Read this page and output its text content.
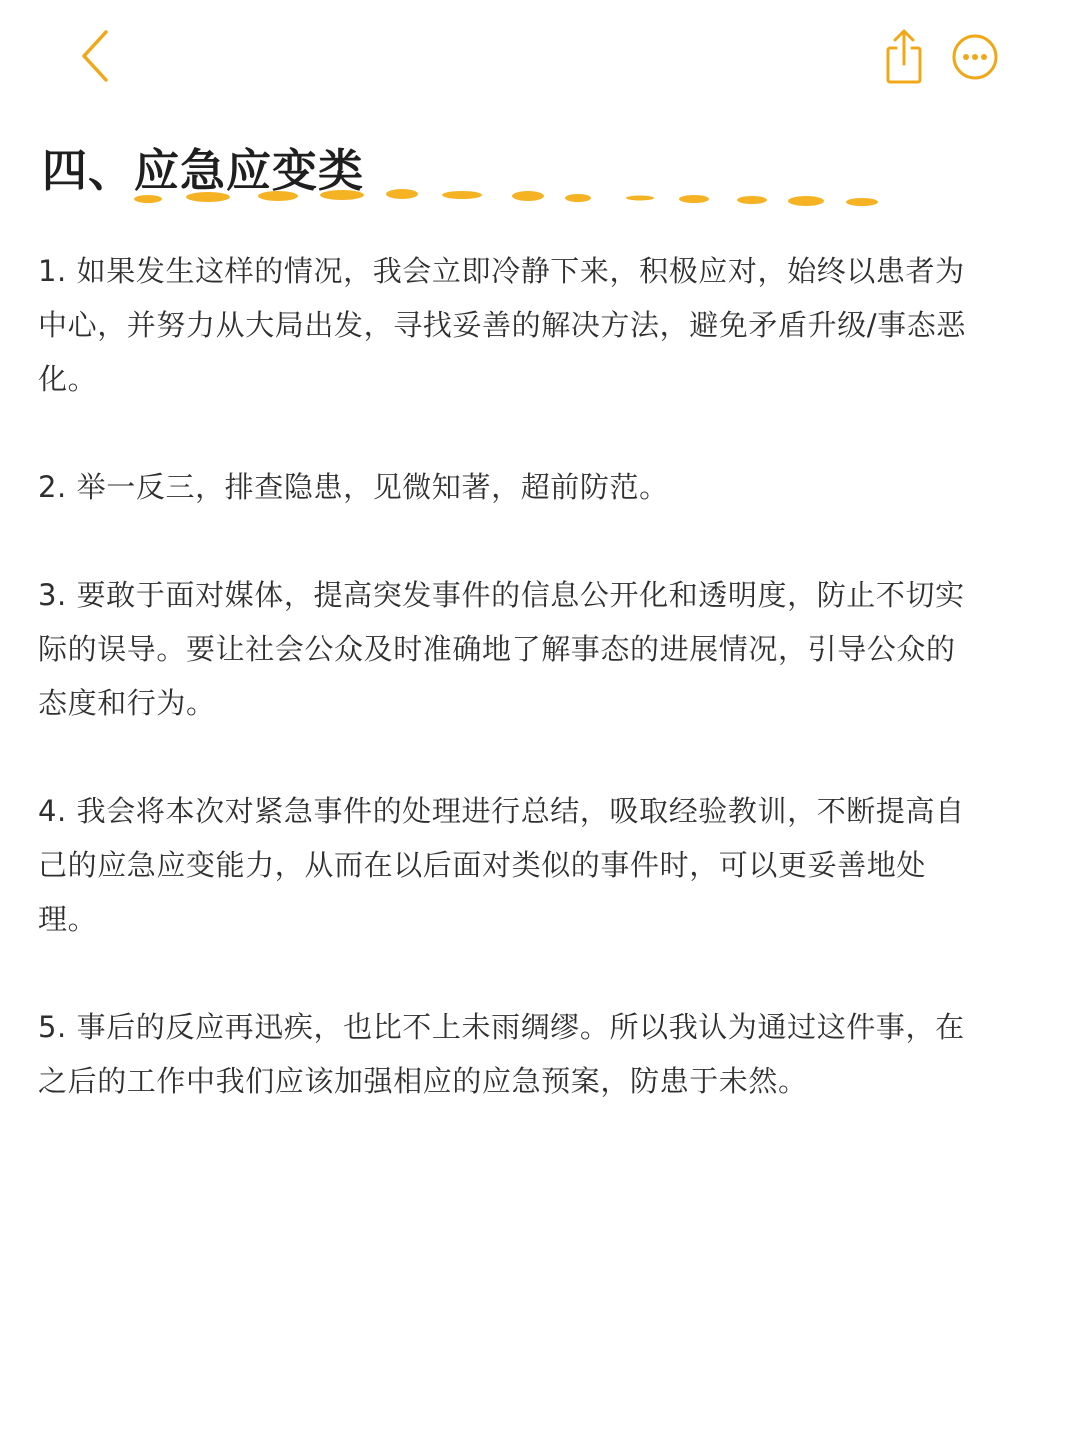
四、应急应变类

1. 如果发生这样的情况，我会立即冷静下来，积极应对，始终以患者为中心，并努力从大局出发，寻找妥善的解决方法，避免矛盾升级/事态恶化。

2. 举一反三，排查隐患，见微知著，超前防范。

3. 要敢于面对媒体，提高突发事件的信息公开化和透明度，防止不切实际的误导。要让社会公众及时准确地了解事态的进展情况，引导公众的态度和行为。

4. 我会将本次对紧急事件的处理进行总结，吸取经验教训，不断提高自己的应急应变能力，从而在以后面对类似的事件时，可以更妥善地处理。

5. 事后的反应再迅疾，也比不上未雨绸缪。所以我认为通过这件事，在之后的工作中我们应该加强相应的应急预案，防患于未然。
